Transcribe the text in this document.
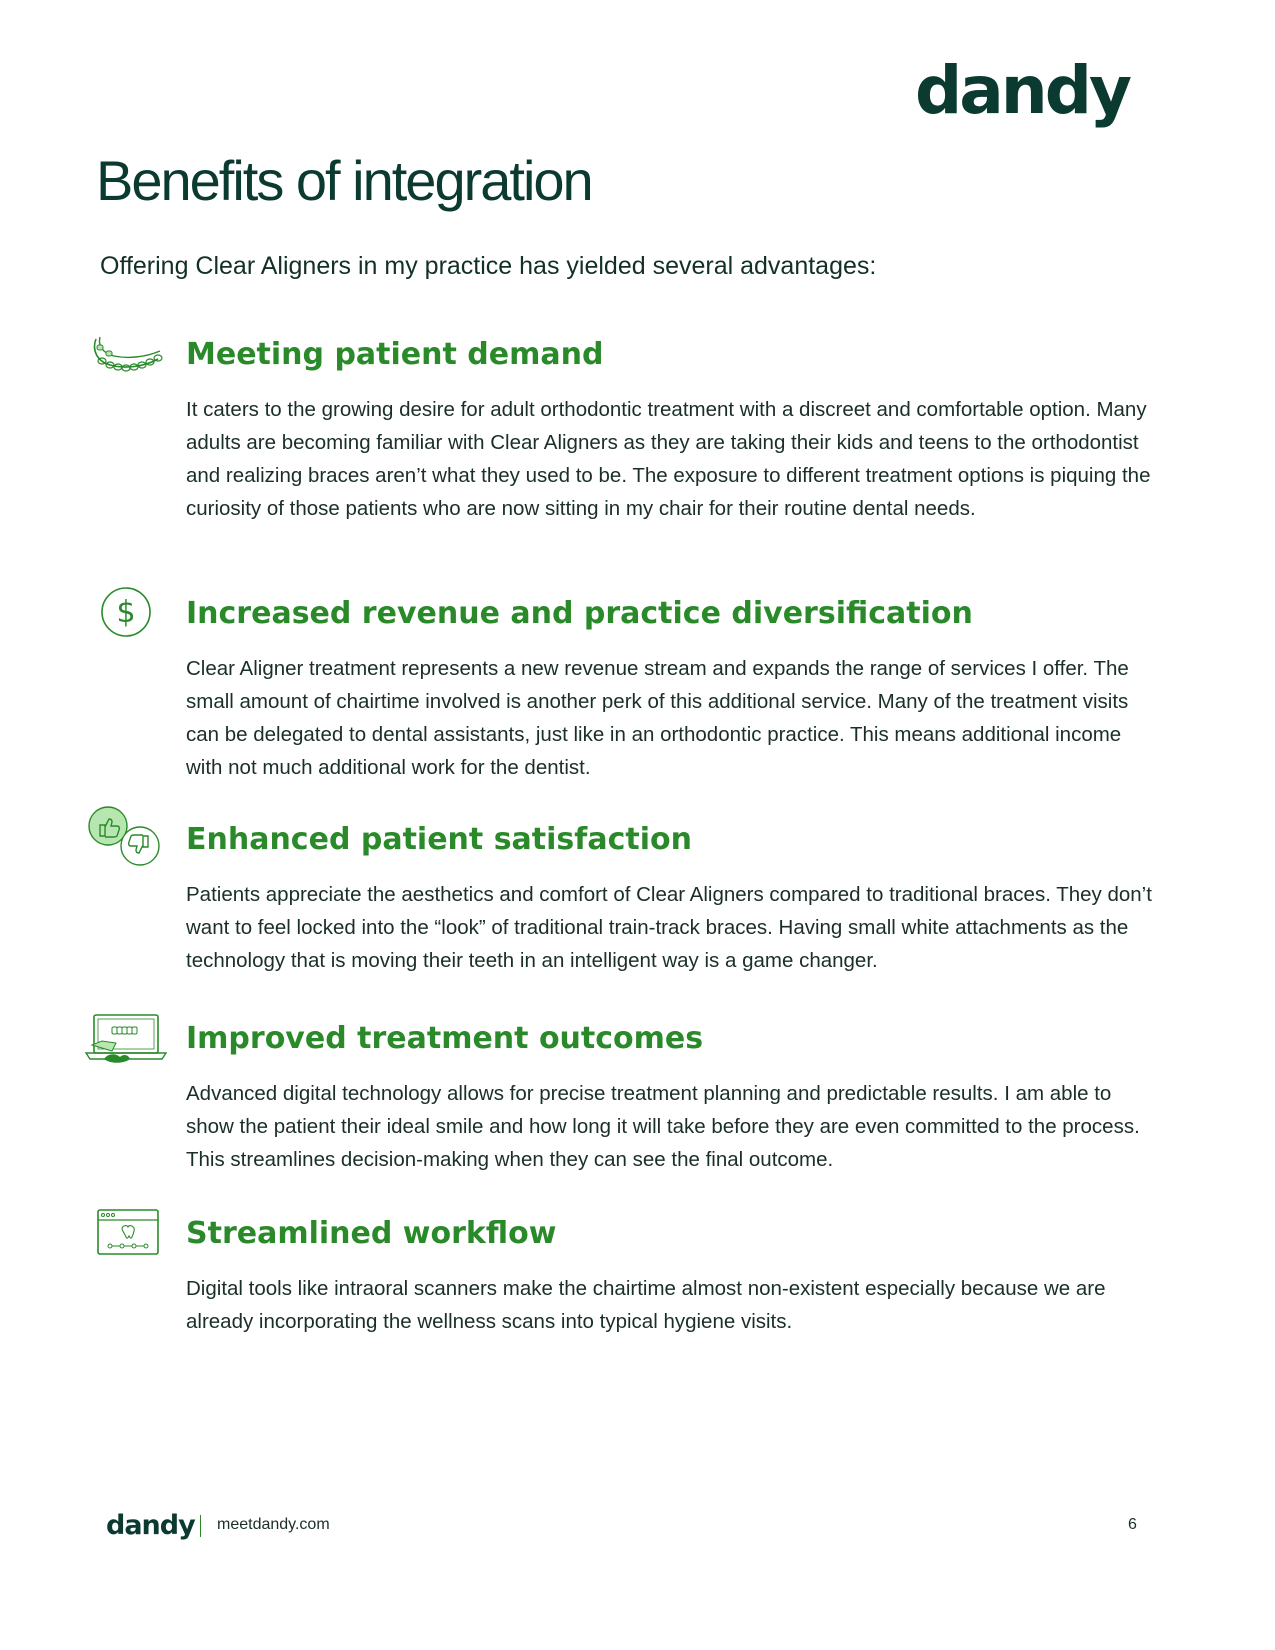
dandy
Benefits of integration

Offering Clear Aligners in my practice has yielded several advantages:

Meeting patient demand

It caters to the growing desire for adult orthodontic treatment with a discreet and comfortable option. Many adults are becoming familiar with Clear Aligners as they are taking their kids and teens to the orthodontist and realizing braces aren’t what they used to be. The exposure to different treatment options is piquing the curiosity of those patients who are now sitting in my chair for their routine dental needs.

$ Increased revenue and practice diversification

Clear Aligner treatment represents a new revenue stream and expands the range of services I offer. The small amount of chairtime involved is another perk of this additional service. Many of the treatment visits can be delegated to dental assistants, just like in an orthodontic practice. This means additional income with not much additional work for the dentist.

Enhanced patient satisfaction

Patients appreciate the aesthetics and comfort of Clear Aligners compared to traditional braces. They don’t want to feel locked into the “look” of traditional train-track braces. Having small white attachments as the technology that is moving their teeth in an intelligent way is a game changer.

Improved treatment outcomes

Advanced digital technology allows for precise treatment planning and predictable results. I am able to show the patient their ideal smile and how long it will take before they are even committed to the process. This streamlines decision-making when they can see the final outcome.

Streamlined workflow

Digital tools like intraoral scanners make the chairtime almost non-existent especially because we are already incorporating the wellness scans into typical hygiene visits.

dandy meetdandy.com	6
